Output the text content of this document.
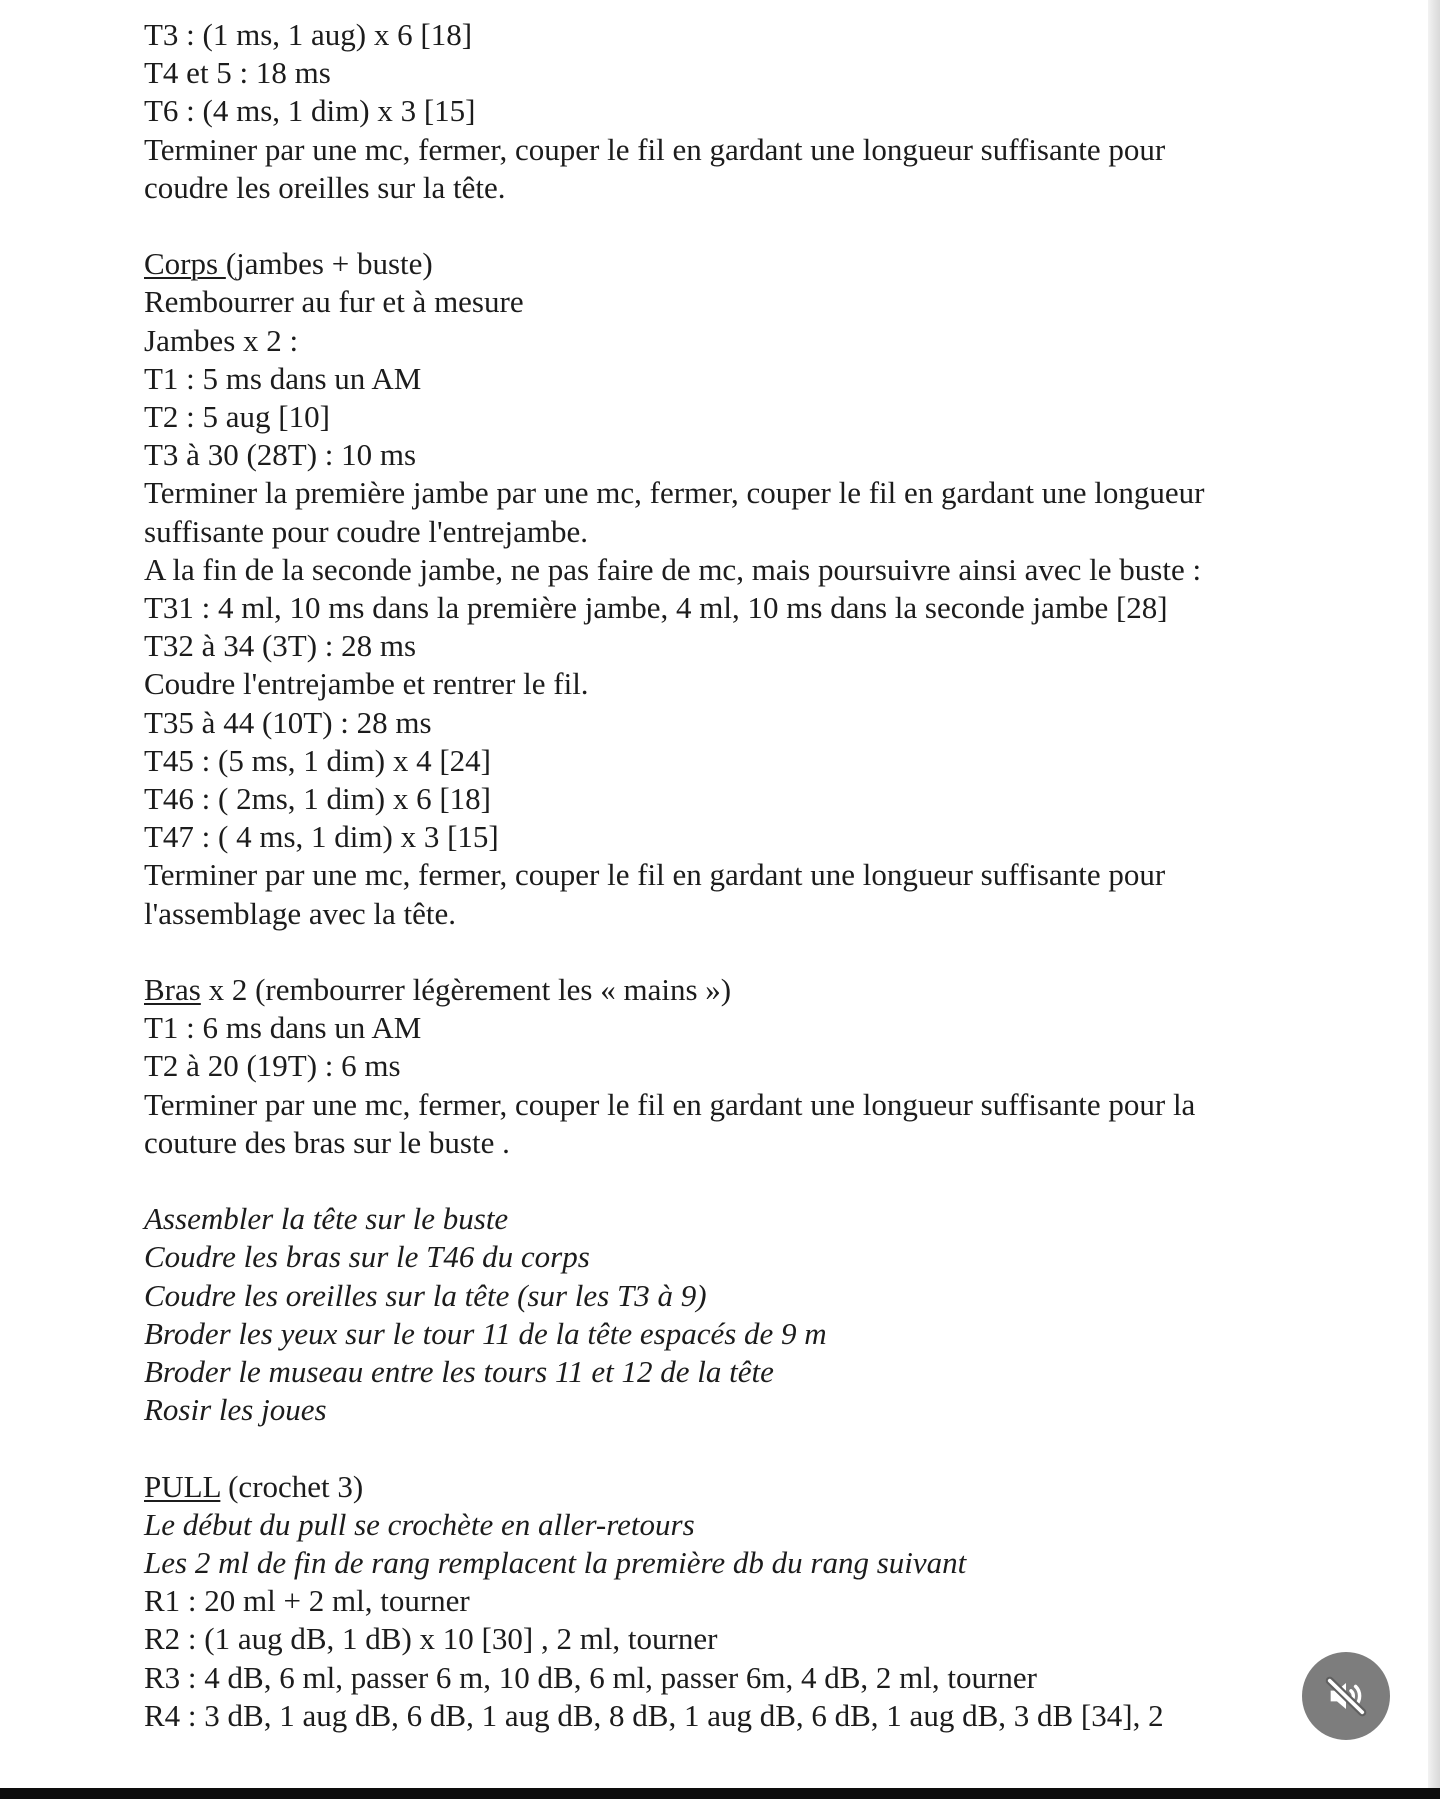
T3 : (1 ms, 1 aug) x 6 [18]
T4 et 5 : 18 ms
T6 : (4 ms, 1 dim) x 3 [15]
Terminer par une mc, fermer, couper le fil en gardant une longueur suffisante pour
coudre les oreilles sur la tête.
Corps (jambes + buste)
Rembourrer au fur et à mesure
Jambes x 2 :
T1 : 5 ms dans un AM
T2 : 5 aug [10]
T3 à 30 (28T) : 10 ms
Terminer la première jambe par une mc, fermer, couper le fil en gardant une longueur
suffisante pour coudre l'entrejambe.
A la fin de la seconde jambe, ne pas faire de mc, mais poursuivre ainsi avec le buste :
T31 : 4 ml, 10 ms dans la première jambe, 4 ml, 10 ms dans la seconde jambe [28]
T32 à 34 (3T) : 28 ms
Coudre l'entrejambe et rentrer le fil.
T35 à 44 (10T) : 28 ms
T45 : (5 ms, 1 dim) x 4 [24]
T46 : ( 2ms, 1 dim) x 6 [18]
T47 : ( 4 ms, 1 dim) x 3 [15]
Terminer par une mc, fermer, couper le fil en gardant une longueur suffisante pour
l'assemblage avec la tête.
Bras x 2 (rembourrer légèrement les « mains »)
T1 : 6 ms dans un AM
T2 à 20 (19T) : 6 ms
Terminer par une mc, fermer, couper le fil en gardant une longueur suffisante pour la
couture des bras sur le buste .
Assembler la tête sur le buste
Coudre les bras sur le T46 du corps
Coudre les oreilles sur la tête (sur les T3 à 9)
Broder les yeux sur le tour 11 de la tête espacés de 9 m
Broder le museau entre les tours 11 et 12 de la tête
Rosir les joues
PULL (crochet 3)
Le début du pull se crochète en aller-retours
Les 2 ml de fin de rang remplacent la première db du rang suivant
R1 : 20 ml + 2 ml, tourner
R2 : (1 aug dB, 1 dB) x 10 [30] , 2 ml, tourner
R3 : 4 dB, 6 ml, passer 6 m, 10 dB, 6 ml, passer 6m, 4 dB, 2 ml, tourner
R4 : 3 dB, 1 aug dB, 6 dB, 1 aug dB, 8 dB, 1 aug dB, 6 dB, 1 aug dB, 3 dB [34], 2
